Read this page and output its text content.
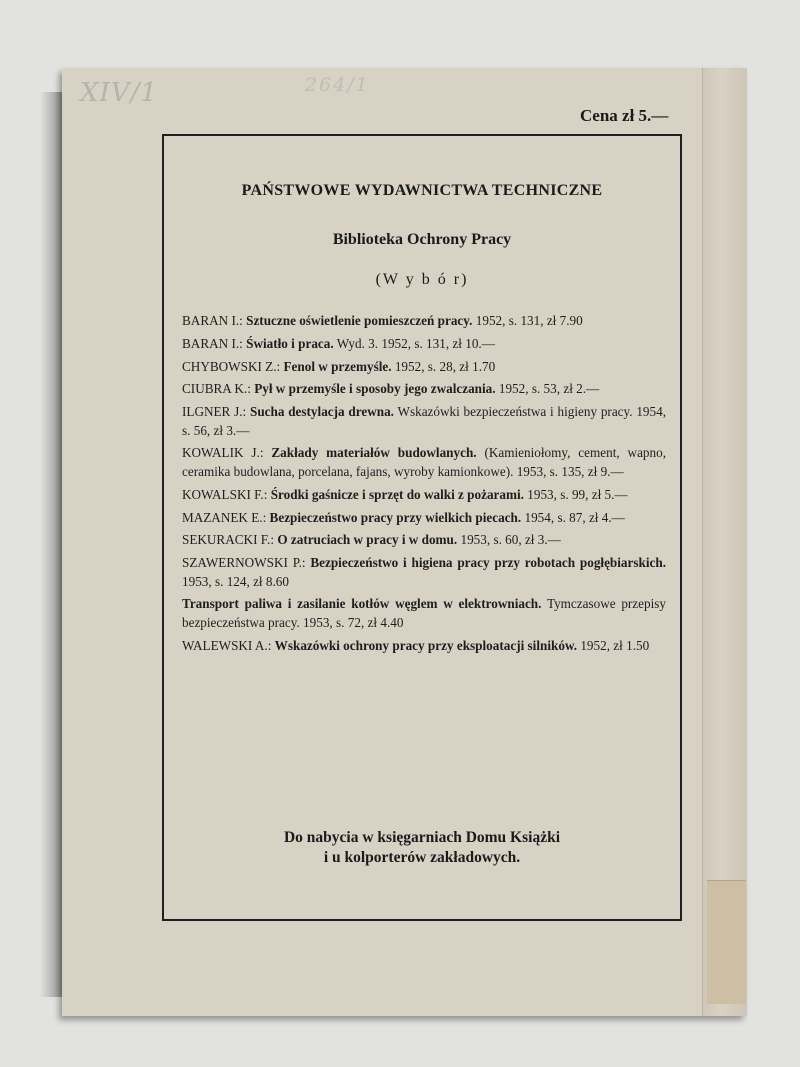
XIV/1	264/1
Cena zł 5.—
PAŃSTWOWE WYDAWNICTWA TECHNICZNE
Biblioteka Ochrony Pracy
(W y b ó r)
BARAN I.: Sztuczne oświetlenie pomieszczeń pracy. 1952, s. 131, zł 7.90
BARAN I.: Światło i praca. Wyd. 3. 1952, s. 131, zł 10.—
CHYBOWSKI Z.: Fenol w przemyśle. 1952, s. 28, zł 1.70
CIUBRA K.: Pył w przemyśle i sposoby jego zwalczania. 1952, s. 53, zł 2.—
ILGNER J.: Sucha destylacja drewna. Wskazówki bezpieczeństwa i higieny pracy. 1954, s. 56, zł 3.—
KOWALIK J.: Zakłady materiałów budowlanych. (Kamieniołomy, cement, wapno, ceramika budowlana, porcelana, fajans, wyroby kamionkowe). 1953, s. 135, zł 9.—
KOWALSKI F.: Środki gaśnicze i sprzęt do walki z pożarami. 1953, s. 99, zł 5.—
MAZANEK E.: Bezpieczeństwo pracy przy wielkich piecach. 1954, s. 87, zł 4.—
SEKURACKI F.: O zatruciach w pracy i w domu. 1953, s. 60, zł 3.—
SZAWERNOWSKI P.: Bezpieczeństwo i higiena pracy przy robotach pogłębiarskich. 1953, s. 124, zł 8.60
Transport paliwa i zasilanie kotłów węglem w elektrowniach. Tymczasowe przepisy bezpieczeństwa pracy. 1953, s. 72, zł 4.40
WALEWSKI A.: Wskazówki ochrony pracy przy eksploatacji silników. 1952, zł 1.50
Do nabycia w księgarniach Domu Książki
i u kolporterów zakładowych.
